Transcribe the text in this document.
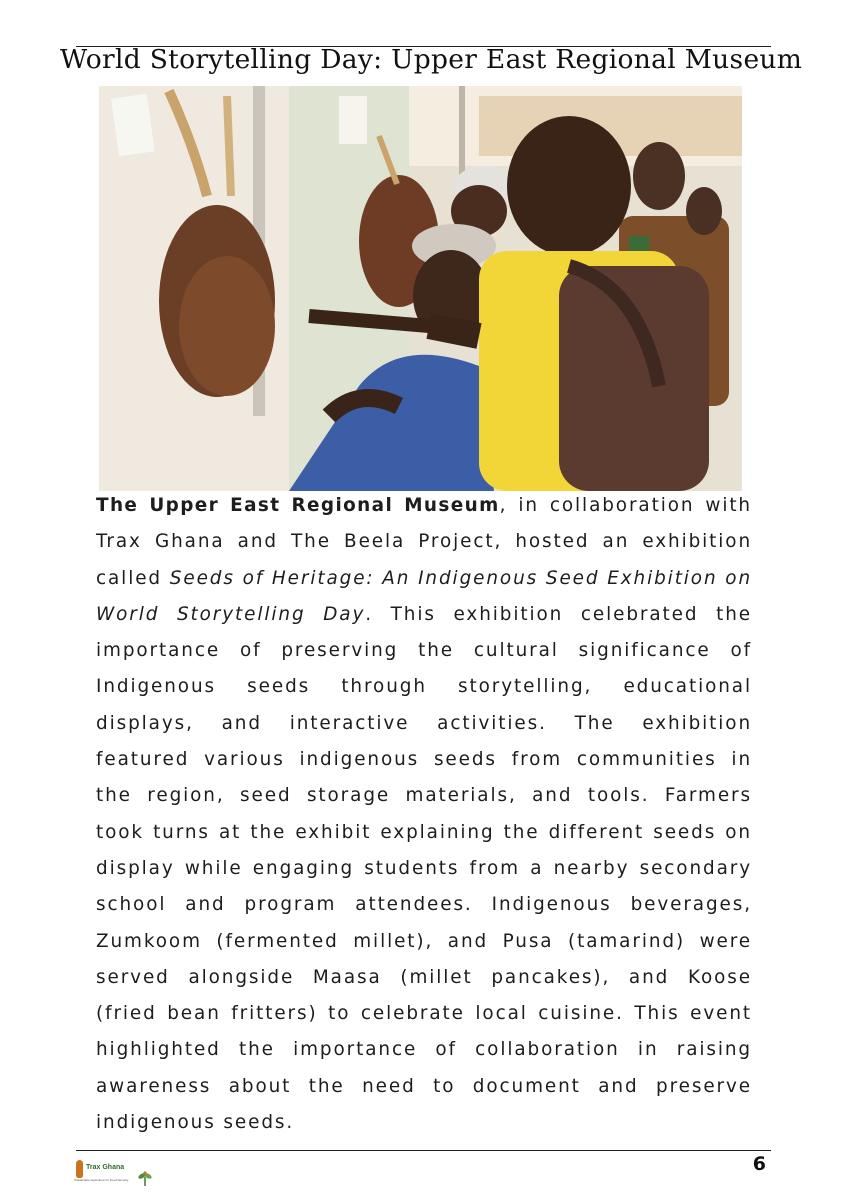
World Storytelling Day: Upper East Regional Museum
The Upper East Regional Museum, in collaboration with Trax Ghana and The Beela Project, hosted an exhibition called Seeds of Heritage: An Indigenous Seed Exhibition on World Storytelling Day. This exhibition celebrated the importance of preserving the cultural significance of Indigenous seeds through storytelling, educational displays, and interactive activities. The exhibition featured various indigenous seeds from communities in the region, seed storage materials, and tools. Farmers took turns at the exhibit explaining the different seeds on display while engaging students from a nearby secondary school and program attendees. Indigenous beverages, Zumkoom (fermented millet), and Pusa (tamarind) were served alongside Maasa (millet pancakes), and Koose (fried bean fritters) to celebrate local cuisine. This event highlighted the importance of collaboration in raising awareness about the need to document and preserve indigenous seeds.
Trax Ghana
Sustainable Agriculture for Food Security
6
